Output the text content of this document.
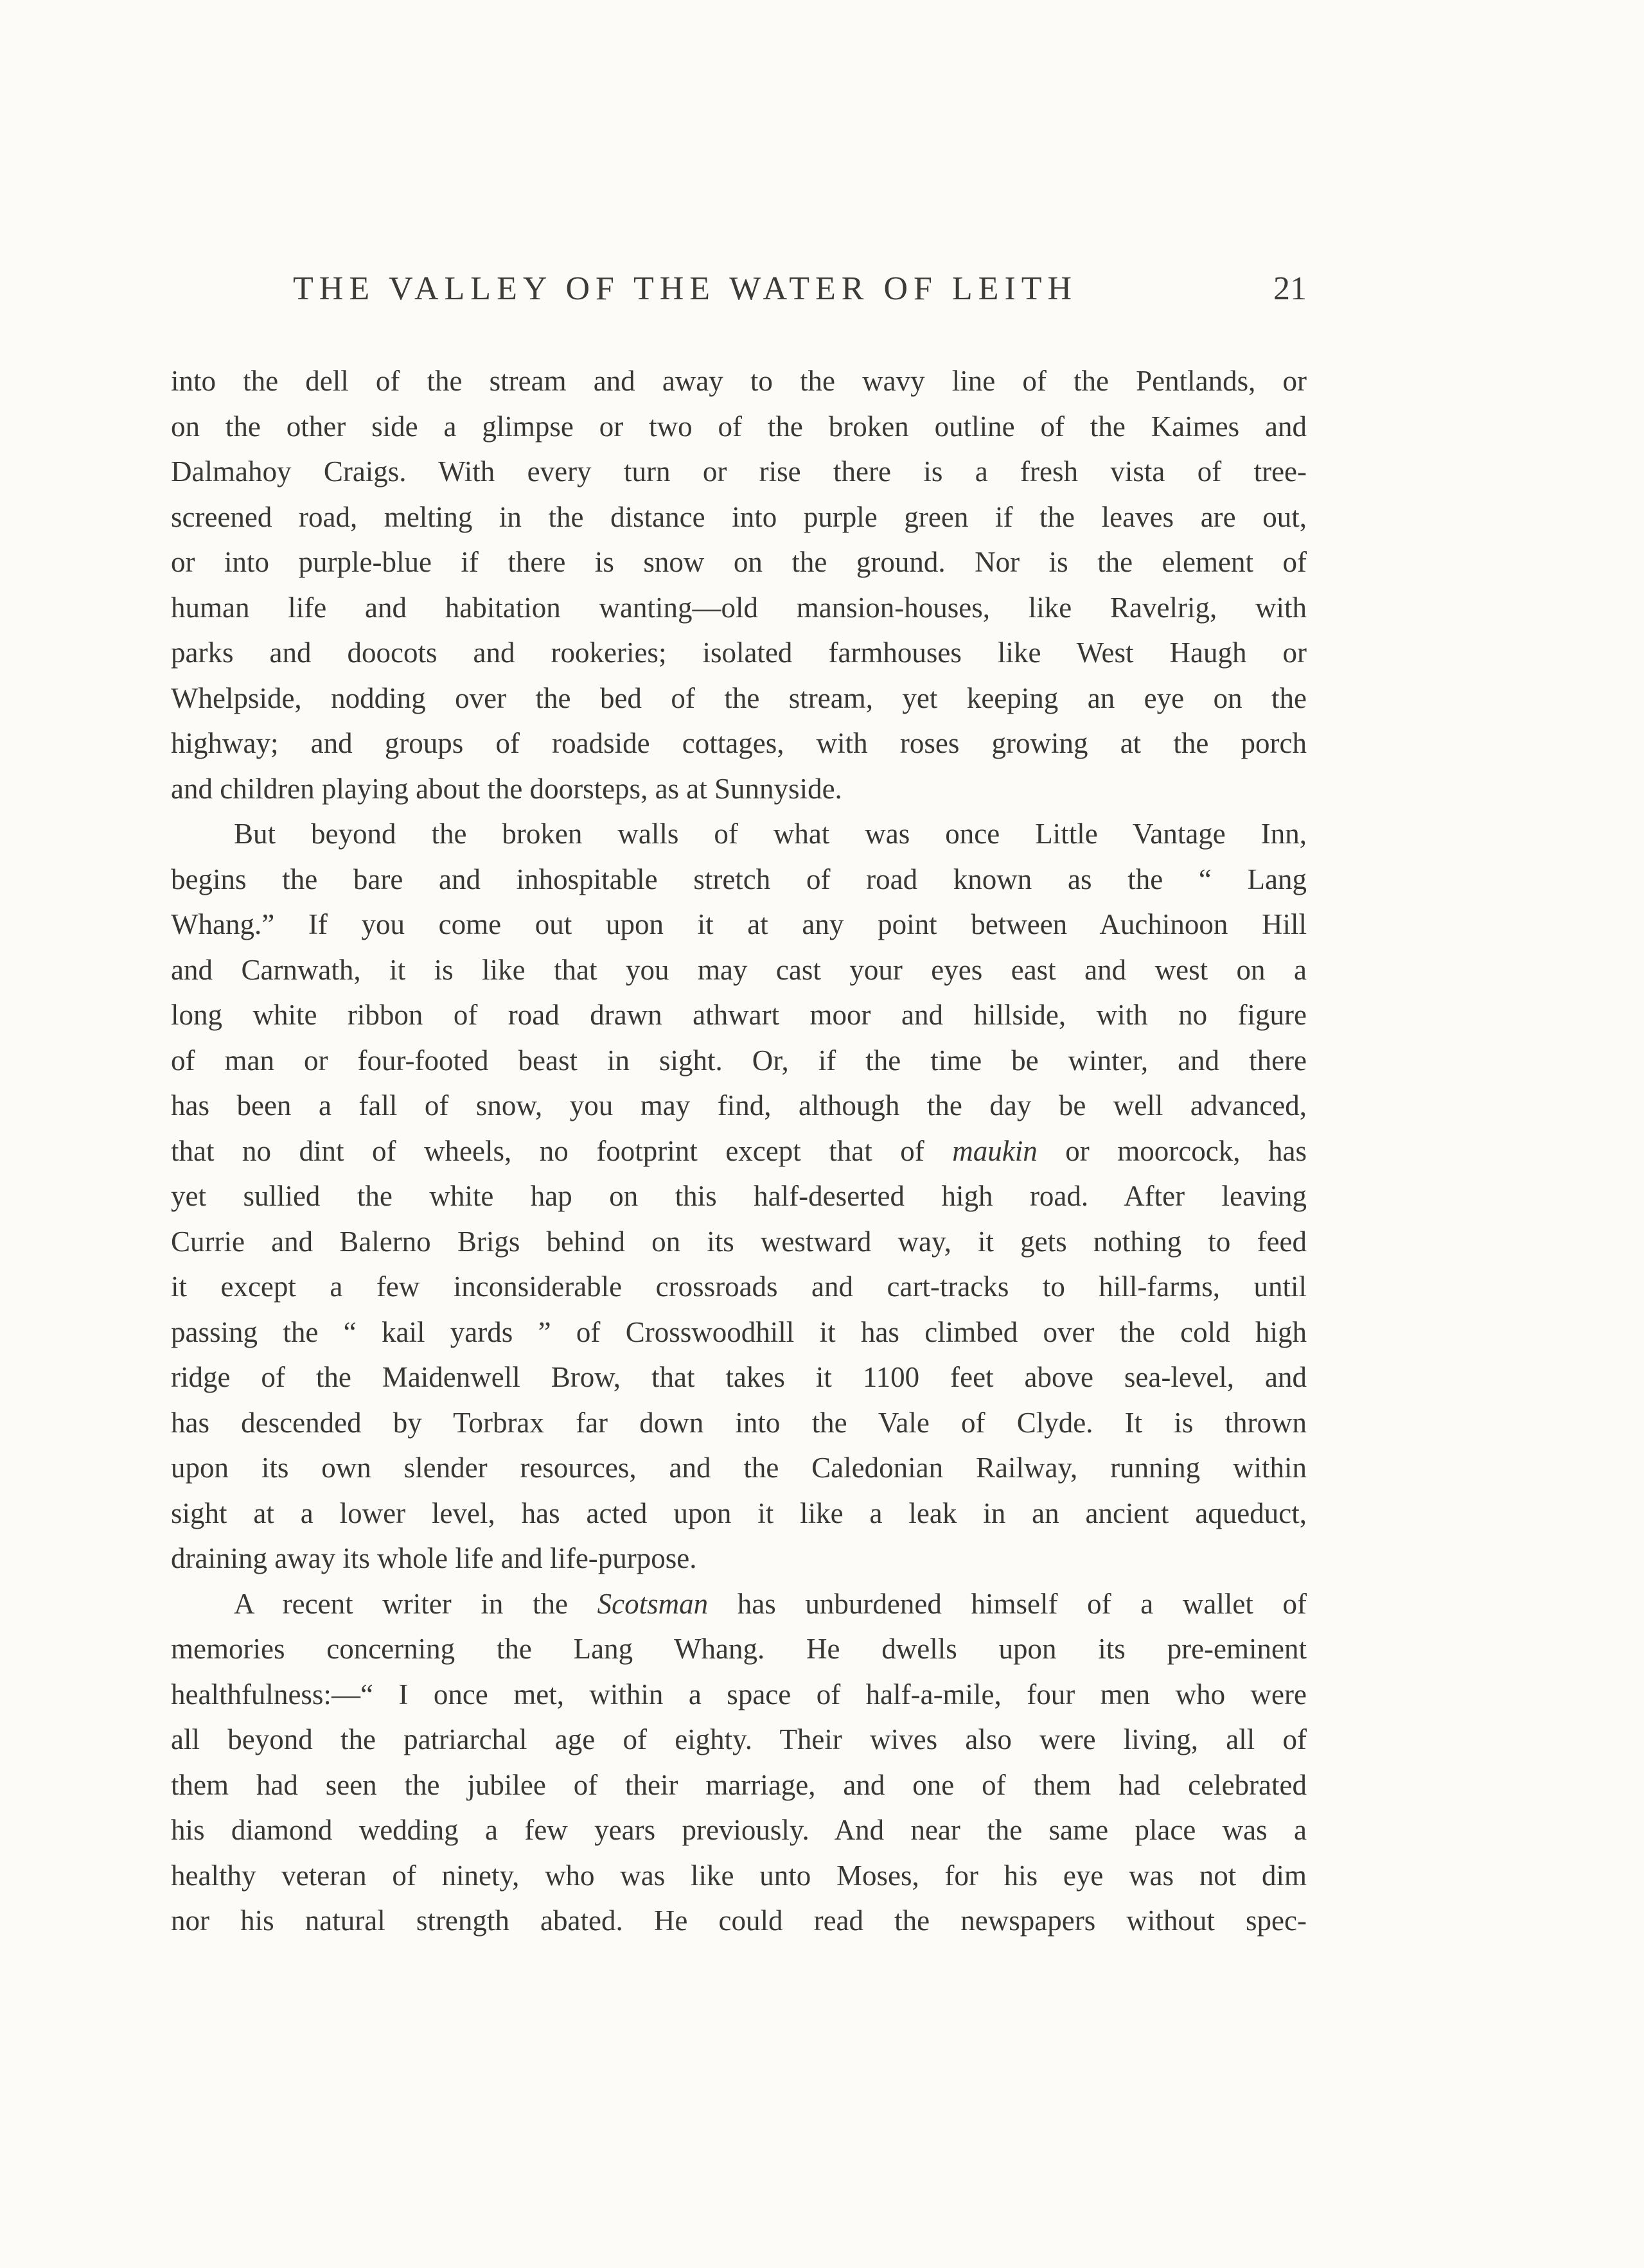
THE VALLEY OF THE WATER OF LEITH	21
into the dell of the stream and away to the wavy line of the Pentlands, or
on the other side a glimpse or two of the broken outline of the Kaimes and
Dalmahoy Craigs. With every turn or rise there is a fresh vista of tree-
screened road, melting in the distance into purple green if the leaves are out,
or into purple-blue if there is snow on the ground. Nor is the element of
human life and habitation wanting—old mansion-houses, like Ravelrig, with
parks and doocots and rookeries; isolated farmhouses like West Haugh or
Whelpside, nodding over the bed of the stream, yet keeping an eye on the
highway; and groups of roadside cottages, with roses growing at the porch
and children playing about the doorsteps, as at Sunnyside.
But beyond the broken walls of what was once Little Vantage Inn,
begins the bare and inhospitable stretch of road known as the “ Lang
Whang.” If you come out upon it at any point between Auchinoon Hill
and Carnwath, it is like that you may cast your eyes east and west on a
long white ribbon of road drawn athwart moor and hillside, with no figure
of man or four-footed beast in sight. Or, if the time be winter, and there
has been a fall of snow, you may find, although the day be well advanced,
that no dint of wheels, no footprint except that of maukin or moorcock, has
yet sullied the white hap on this half-deserted high road. After leaving
Currie and Balerno Brigs behind on its westward way, it gets nothing to feed
it except a few inconsiderable crossroads and cart-tracks to hill-farms, until
passing the “ kail yards ” of Crosswoodhill it has climbed over the cold high
ridge of the Maidenwell Brow, that takes it 1100 feet above sea-level, and
has descended by Torbrax far down into the Vale of Clyde. It is thrown
upon its own slender resources, and the Caledonian Railway, running within
sight at a lower level, has acted upon it like a leak in an ancient aqueduct,
draining away its whole life and life-purpose.
A recent writer in the Scotsman has unburdened himself of a wallet of
memories concerning the Lang Whang. He dwells upon its pre-eminent
healthfulness:—“ I once met, within a space of half-a-mile, four men who were
all beyond the patriarchal age of eighty. Their wives also were living, all of
them had seen the jubilee of their marriage, and one of them had celebrated
his diamond wedding a few years previously. And near the same place was a
healthy veteran of ninety, who was like unto Moses, for his eye was not dim
nor his natural strength abated. He could read the newspapers without spec-
